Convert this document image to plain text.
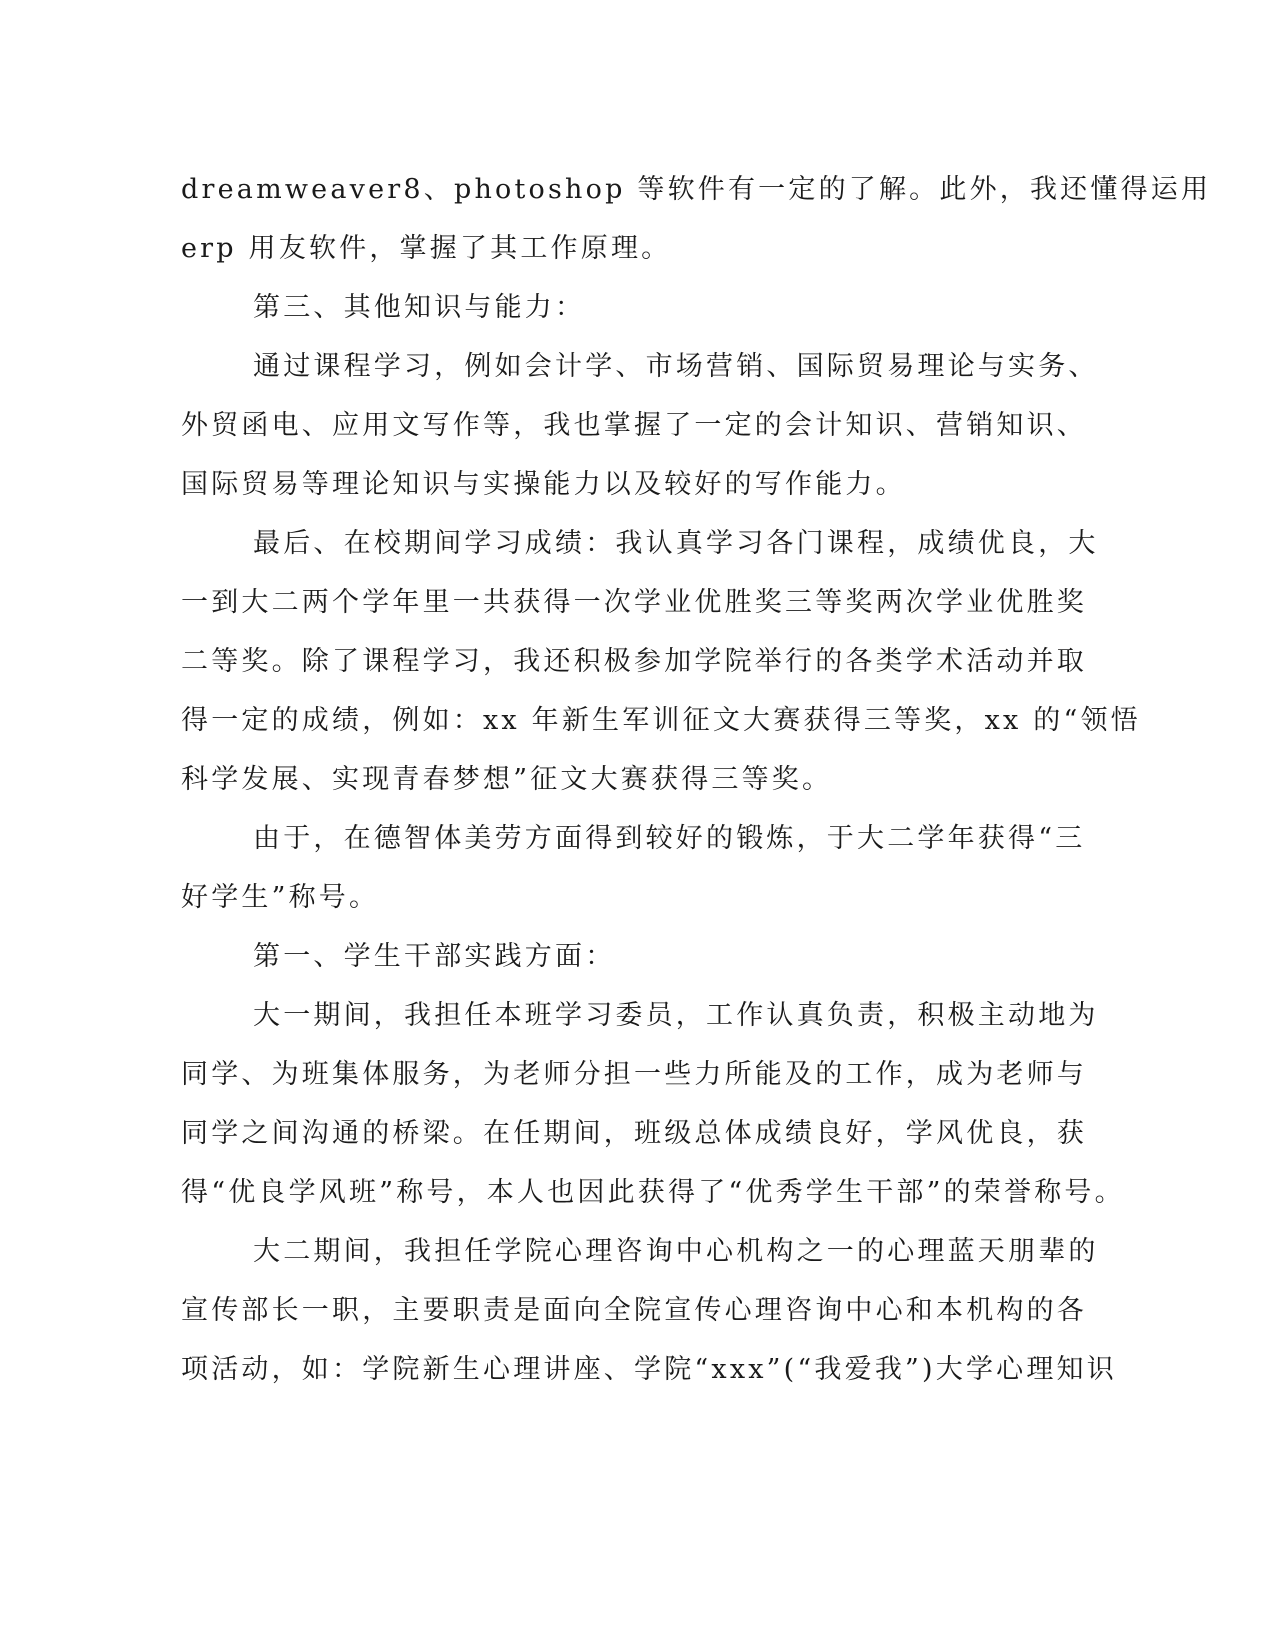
dreamweaver8、photoshop 等软件有一定的了解。此外，我还懂得运用
erp 用友软件，掌握了其工作原理。
第三、其他知识与能力：
通过课程学习，例如会计学、市场营销、国际贸易理论与实务、
外贸函电、应用文写作等，我也掌握了一定的会计知识、营销知识、
国际贸易等理论知识与实操能力以及较好的写作能力。
最后、在校期间学习成绩：我认真学习各门课程，成绩优良，大
一到大二两个学年里一共获得一次学业优胜奖三等奖两次学业优胜奖
二等奖。除了课程学习，我还积极参加学院举行的各类学术活动并取
得一定的成绩，例如：xx 年新生军训征文大赛获得三等奖，xx 的“领悟
科学发展、实现青春梦想”征文大赛获得三等奖。
由于，在德智体美劳方面得到较好的锻炼，于大二学年获得“三
好学生”称号。
第一、学生干部实践方面：
大一期间，我担任本班学习委员，工作认真负责，积极主动地为
同学、为班集体服务，为老师分担一些力所能及的工作，成为老师与
同学之间沟通的桥梁。在任期间，班级总体成绩良好，学风优良，获
得“优良学风班”称号，本人也因此获得了“优秀学生干部”的荣誉称号。
大二期间，我担任学院心理咨询中心机构之一的心理蓝天朋辈的
宣传部长一职，主要职责是面向全院宣传心理咨询中心和本机构的各
项活动，如：学院新生心理讲座、学院“xxx”(“我爱我”)大学心理知识
